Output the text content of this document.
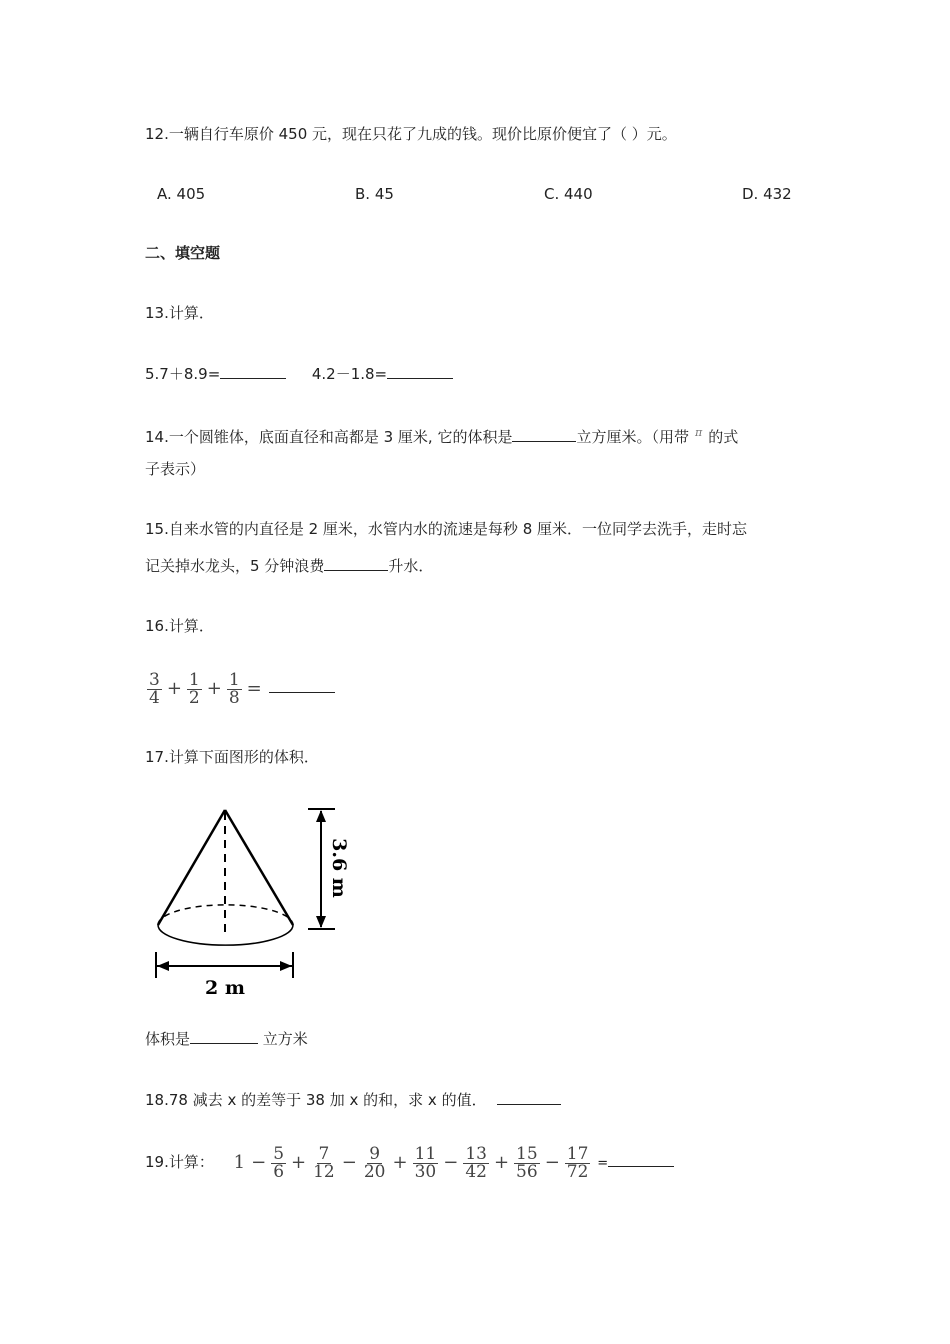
12.一辆自行车原价 450 元，现在只花了九成的钱。现价比原价便宜了（ ）元。
A. 405	B. 45	C. 440	D. 432
二、填空题
13.计算．
5.7＋8.9=	4.2－1.8=
14.一个圆锥体，底面直径和高都是 3 厘米, 它的体积是	立方厘米。（用带 $^\pi$ 的式
子表示）
15.自来水管的内直径是 2 厘米，水管内水的流速是每秒 8 厘米．一位同学去洗手，走时忘
记关掉水龙头，5 分钟浪费	升水．
16.计算．
$\frac{3}{4} + \frac{1}{2} + \frac{1}{8}$ =
17.计算下面图形的体积．
3.6 m
2 m
体积是	立方米
18.78 减去 x 的差等于 38 加 x 的和，求 x 的值．
19.计算： $1 - \frac{5}{6} + \frac{7}{12} - \frac{9}{20} + \frac{11}{30} - \frac{13}{42} + \frac{15}{56} - \frac{17}{72}$ =
